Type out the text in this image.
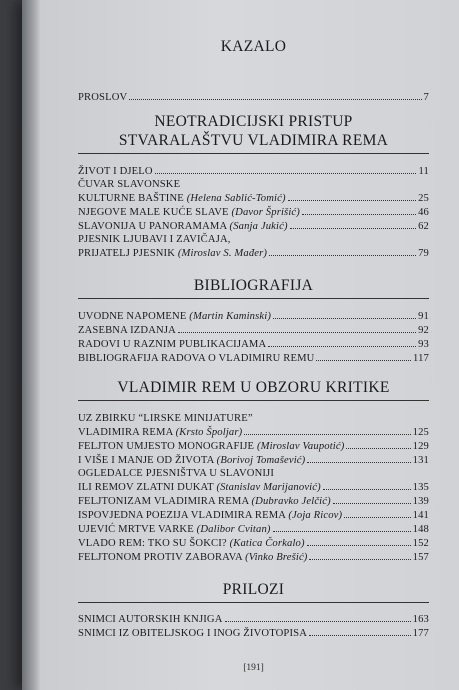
KAZALO
PROSLOV	7
NEOTRADICIJSKI PRISTUP
STVARALAŠTVU VLADIMIRA REMA
ŽIVOT I DJELO	11
ČUVAR SLAVONSKE
KULTURNE BAŠTINE (Helena Sablić-Tomić)	25
NJEGOVE MALE KUĆE SLAVE (Davor Šprišić)	46
SLAVONIJA U PANORAMAMA (Sanja Jukić)	62
PJESNIK LJUBAVI I ZAVIČAJA,
PRIJATELJ PJESNIK (Miroslav S. Mađer)	79
BIBLIOGRAFIJA
UVODNE NAPOMENE (Martin Kaminski)	91
ZASEBNA IZDANJA	92
RADOVI U RAZNIM PUBLIKACIJAMA	93
BIBLIOGRAFIJA RADOVA O VLADIMIRU REMU	117
VLADIMIR REM U OBZORU KRITIKE
UZ ZBIRKU “LIRSKE MINIJATURE”
VLADIMIRA REMA (Krsto Špoljar)	125
FELJTON UMJESTO MONOGRAFIJE (Miroslav Vaupotić)	129
I VIŠE I MANJE OD ŽIVOTA (Borivoj Tomašević)	131
OGLEDALCE PJESNIŠTVA U SLAVONIJI
ILI REMOV ZLATNI DUKAT (Stanislav Marijanović)	135
FELJTONIZAM VLADIMIRA REMA (Dubravko Jelčić)	139
ISPOVJEDNA POEZIJA VLADIMIRA REMA (Joja Ricov)	141
UJEVIĆ MRTVE VARKE (Dalibor Cvitan)	148
VLADO REM: TKO SU ŠOKCI? (Katica Čorkalo)	152
FELJTONOM PROTIV ZABORAVA (Vinko Brešić)	157
PRILOZI
SNIMCI AUTORSKIH KNJIGA	163
SNIMCI IZ OBITELJSKOG I INOG ŽIVOTOPISA	177
[191]
